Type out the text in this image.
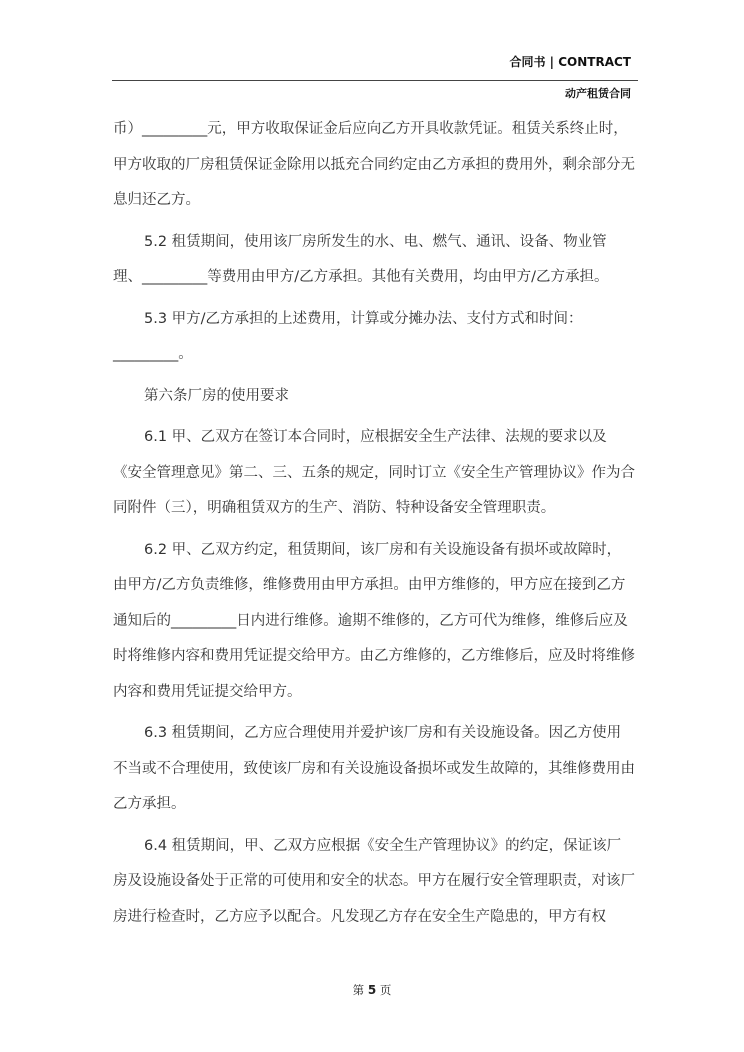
合同书 | CONTRACT
动产租赁合同

币）_________元，甲方收取保证金后应向乙方开具收款凭证。租赁关系终止时，甲方收取的厂房租赁保证金除用以抵充合同约定由乙方承担的费用外，剩余部分无息归还乙方。

5.2 租赁期间，使用该厂房所发生的水、电、燃气、通讯、设备、物业管理、_________等费用由甲方/乙方承担。其他有关费用，均由甲方/乙方承担。

5.3 甲方/乙方承担的上述费用，计算或分摊办法、支付方式和时间：_________。

第六条厂房的使用要求

6.1 甲、乙双方在签订本合同时，应根据安全生产法律、法规的要求以及《安全管理意见》第二、三、五条的规定，同时订立《安全生产管理协议》作为合同附件（三），明确租赁双方的生产、消防、特种设备安全管理职责。

6.2 甲、乙双方约定，租赁期间，该厂房和有关设施设备有损坏或故障时，由甲方/乙方负责维修，维修费用由甲方承担。由甲方维修的，甲方应在接到乙方通知后的_________日内进行维修。逾期不维修的，乙方可代为维修，维修后应及时将维修内容和费用凭证提交给甲方。由乙方维修的，乙方维修后，应及时将维修内容和费用凭证提交给甲方。

6.3 租赁期间，乙方应合理使用并爱护该厂房和有关设施设备。因乙方使用不当或不合理使用，致使该厂房和有关设施设备损坏或发生故障的，其维修费用由乙方承担。

6.4 租赁期间，甲、乙双方应根据《安全生产管理协议》的约定，保证该厂房及设施设备处于正常的可使用和安全的状态。甲方在履行安全管理职责，对该厂房进行检查时，乙方应予以配合。凡发现乙方存在安全生产隐患的，甲方有权

第 5 页
